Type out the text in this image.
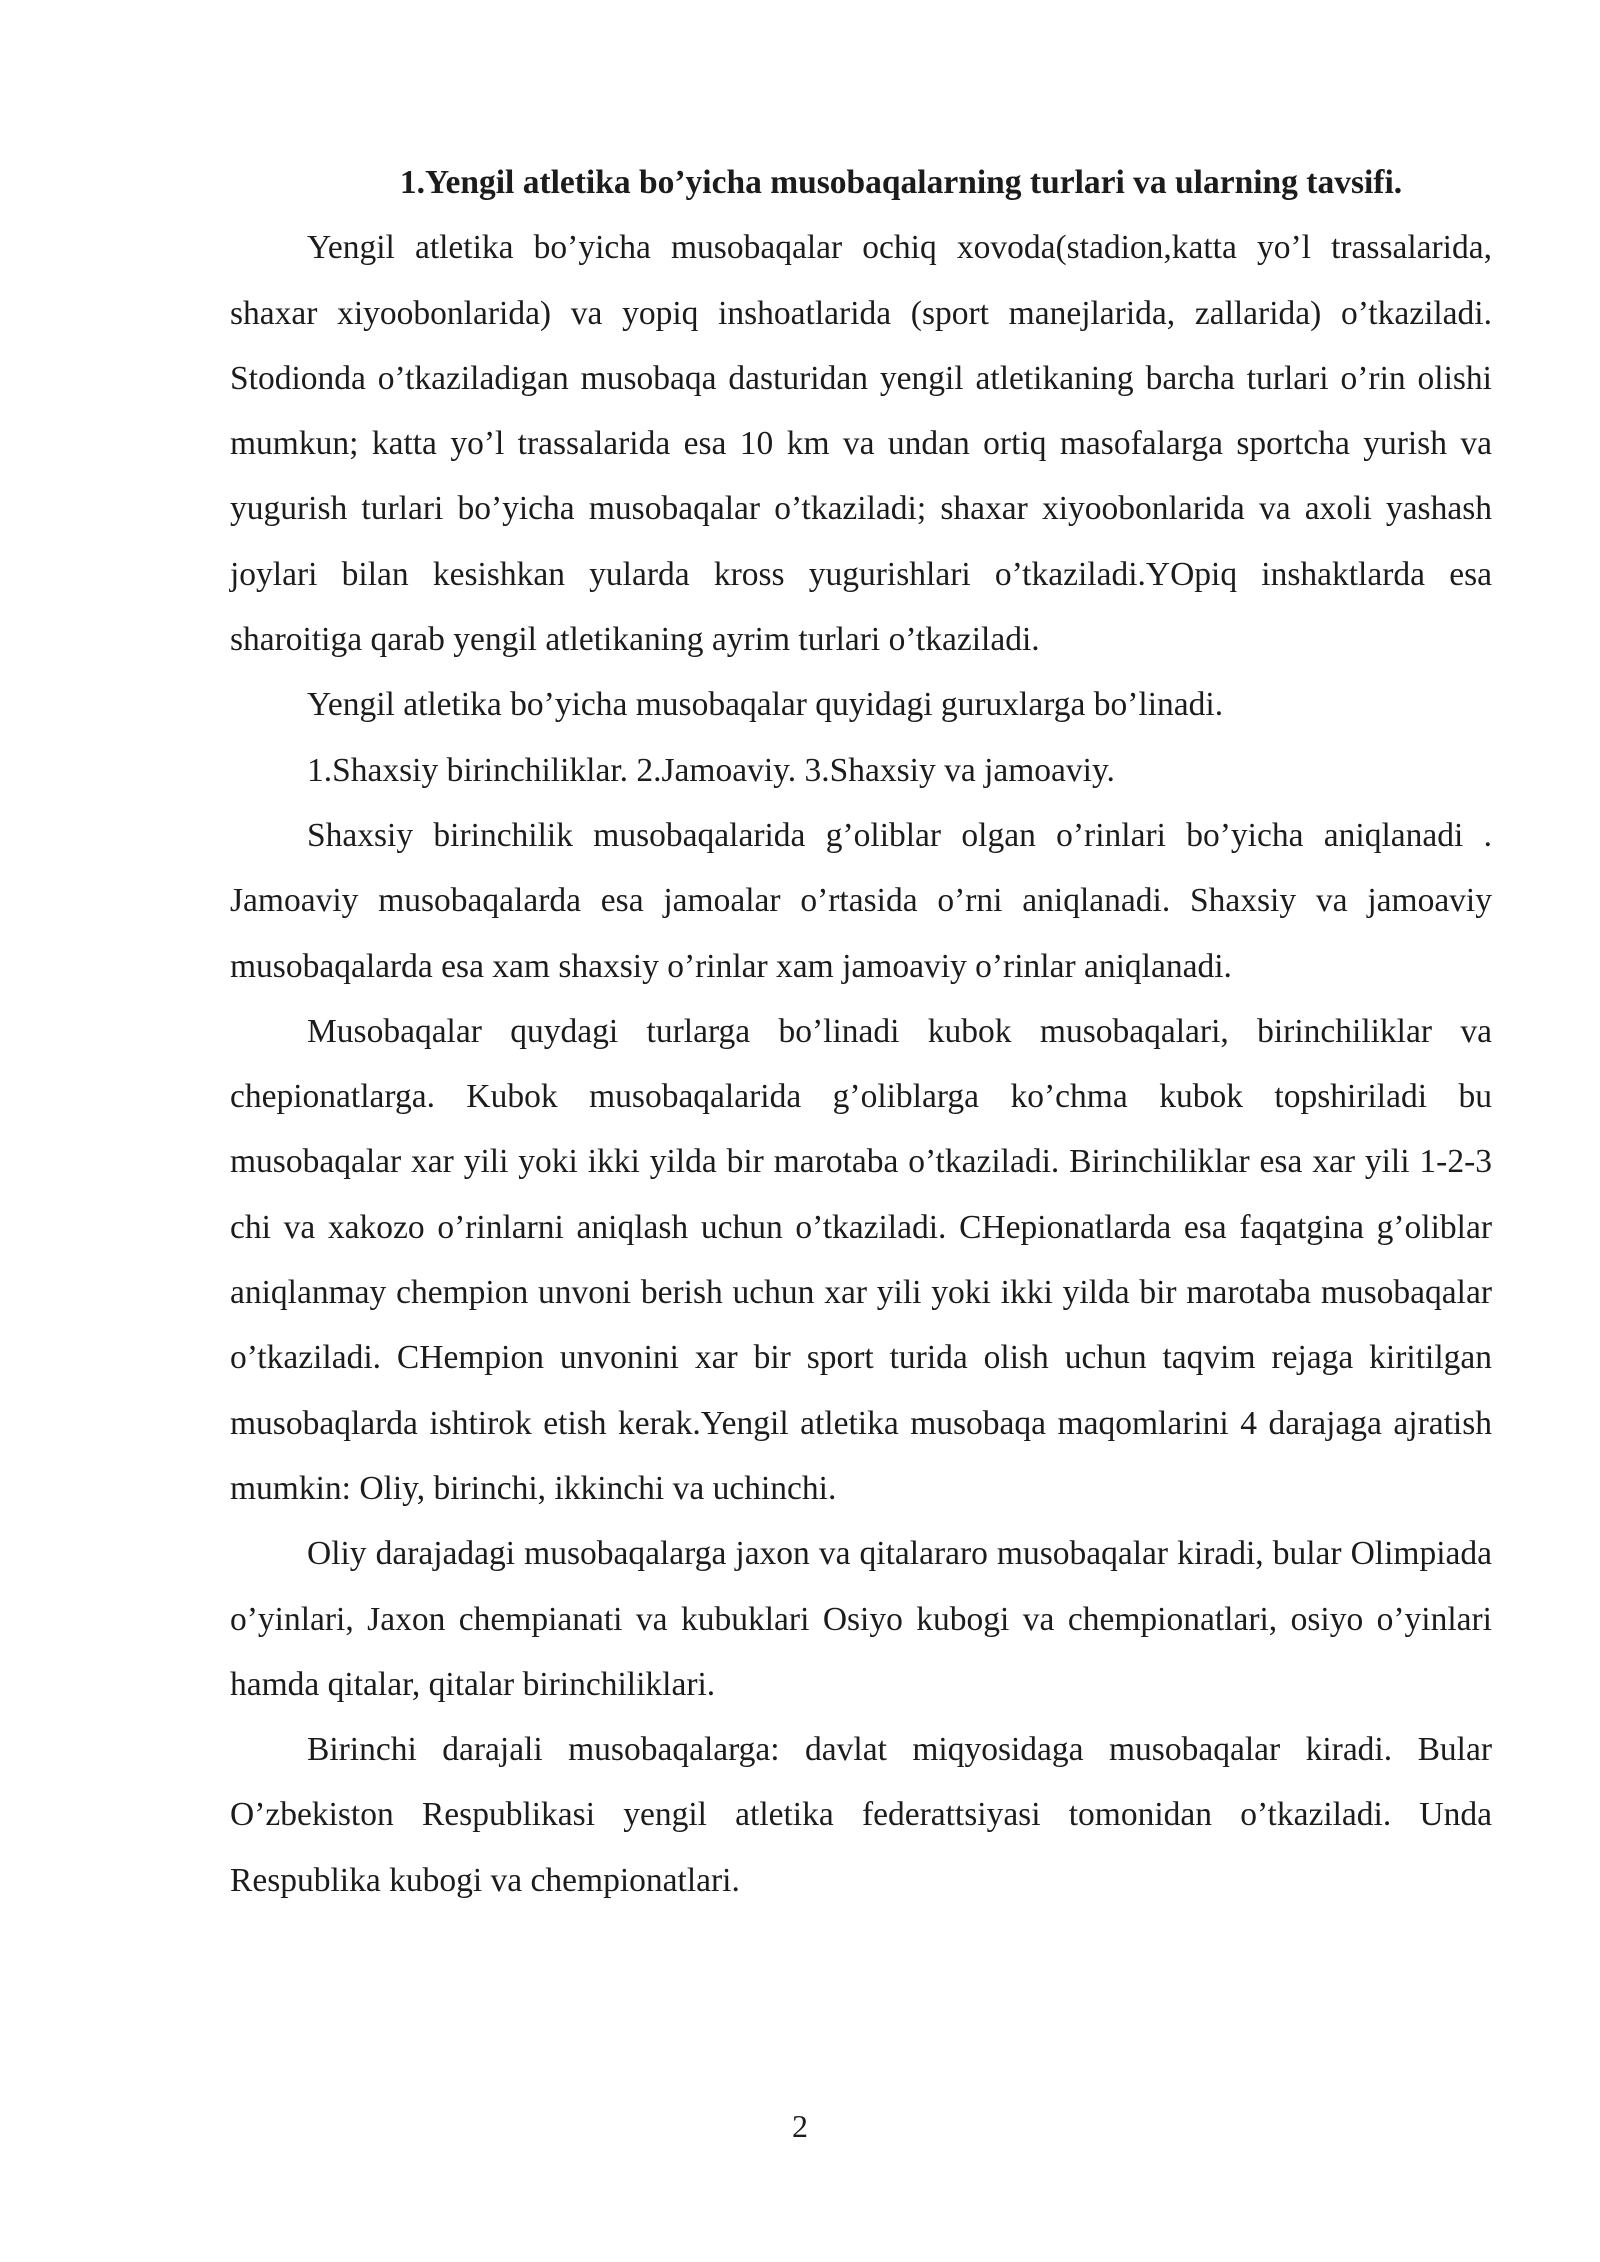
1.Yengil atletika bo’yicha musobaqalarning turlari va ularning tavsifi.

Yengil atletika bo’yicha musobaqalar ochiq xovoda(stadion,katta yo’l trassalarida, shaxar xiyoobonlarida) va yopiq inshoatlarida (sport manejlarida, zallarida) o’tkaziladi. Stodionda o’tkaziladigan musobaqa dasturidan yengil atletikaning barcha turlari o’rin olishi mumkun; katta yo’l trassalarida esa 10 km va undan ortiq masofalarga sportcha yurish va yugurish turlari bo’yicha musobaqalar o’tkaziladi; shaxar xiyoobonlarida va axoli yashash joylari bilan kesishkan yularda kross yugurishlari o’tkaziladi.YOpiq inshaktlarda esa sharoitiga qarab yengil atletikaning ayrim turlari o’tkaziladi.

Yengil atletika bo’yicha musobaqalar quyidagi guruxlarga bo’linadi.

1.Shaxsiy birinchiliklar. 2.Jamoaviy. 3.Shaxsiy va jamoaviy.

Shaxsiy birinchilik musobaqalarida g’oliblar olgan o’rinlari bo’yicha aniqlanadi . Jamoaviy musobaqalarda esa jamoalar o’rtasida o’rni aniqlanadi. Shaxsiy va jamoaviy musobaqalarda esa xam shaxsiy o’rinlar xam jamoaviy o’rinlar aniqlanadi.

Musobaqalar quydagi turlarga bo’linadi kubok musobaqalari, birinchiliklar va chepionatlarga. Kubok musobaqalarida g’oliblarga ko’chma kubok topshiriladi bu musobaqalar xar yili yoki ikki yilda bir marotaba o’tkaziladi. Birinchiliklar esa xar yili 1-2-3 chi va xakozo o’rinlarni aniqlash uchun o’tkaziladi. CHepionatlarda esa faqatgina g’oliblar aniqlanmay chempion unvoni berish uchun xar yili yoki ikki yilda bir marotaba musobaqalar o’tkaziladi. CHempion unvonini xar bir sport turida olish uchun taqvim rejaga kiritilgan musobaqlarda ishtirok etish kerak.Yengil atletika musobaqa maqomlarini 4 darajaga ajratish mumkin: Oliy, birinchi, ikkinchi va uchinchi.

Oliy darajadagi musobaqalarga jaxon va qitalararo musobaqalar kiradi, bular Olimpiada o’yinlari, Jaxon chempianati va kubuklari Osiyo kubogi va chempionatlari, osiyo o’yinlari hamda qitalar, qitalar birinchiliklari.

Birinchi darajali musobaqalarga: davlat miqyosidaga musobaqalar kiradi. Bular O’zbekiston Respublikasi yengil atletika federattsiyasi tomonidan o’tkaziladi. Unda Respublika kubogi va chempionatlari.

2
